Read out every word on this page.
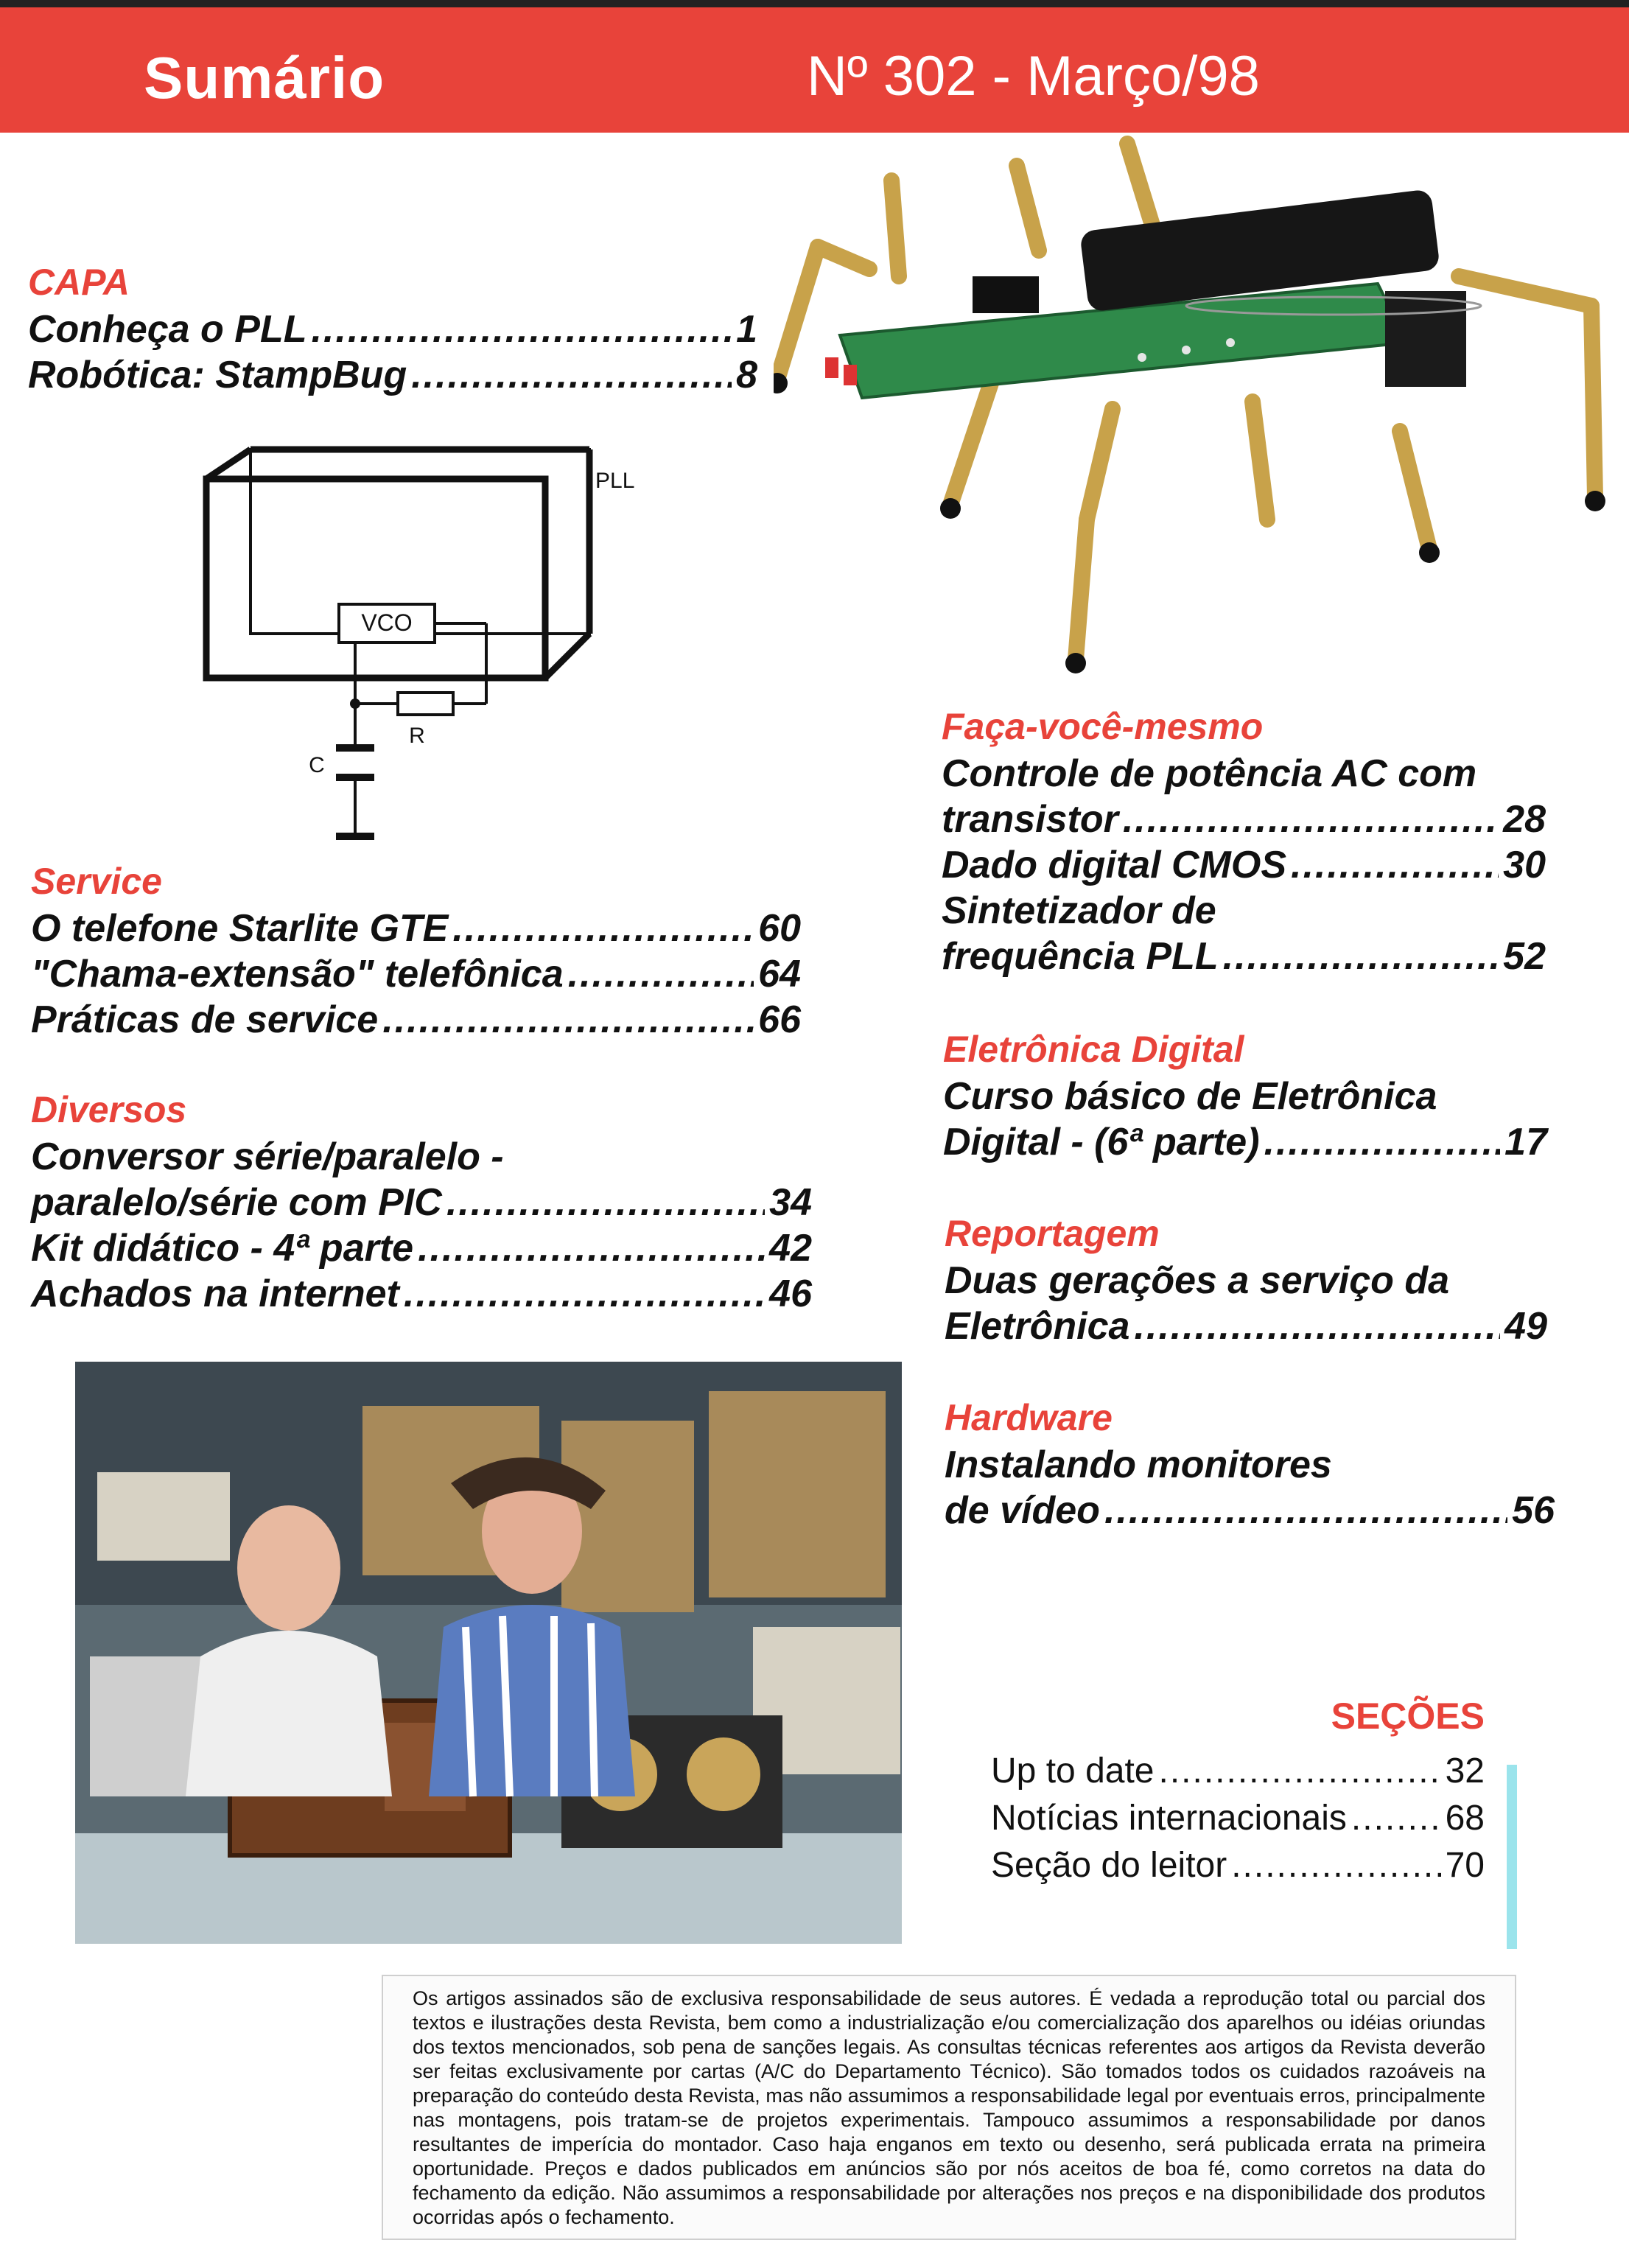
Sumário	Nº 302 - Março/98
CAPA
Conheça o PLL .....	1
Robótica: StampBug .....	8
VCO
PLL
R
C
Service
O telefone Starlite GTE .....	60
"Chama-extensão" telefônica .....	64
Práticas de service .....	66
Diversos
Conversor série/paralelo -
paralelo/série com PIC .....	34
Kit didático - 4ª parte .....	42
Achados na internet .....	46
Faça-você-mesmo
Controle de potência AC com
transistor .....	28
Dado digital CMOS .....	30
Sintetizador de
frequência PLL .....	52
Eletrônica Digital
Curso básico de Eletrônica
Digital - (6ª parte) .....	17
Reportagem
Duas gerações a serviço da
Eletrônica .....	49
Hardware
Instalando monitores
de vídeo .....	56
SEÇÕES
Up to date .....	32
Notícias internacionais .....	68
Seção do leitor .....	70
Os artigos assinados são de exclusiva responsabilidade de seus autores. É vedada a reprodução total ou parcial dos textos e ilustrações desta Revista, bem como a industrialização e/ou comercialização dos aparelhos ou idéias oriundas dos textos mencionados, sob pena de sanções legais. As consultas técnicas referentes aos artigos da Revista deverão ser feitas exclusivamente por cartas (A/C do Departamento Técnico). São tomados todos os cuidados razoáveis na preparação do conteúdo desta Revista, mas não assumimos a responsabilidade legal por eventuais erros, principalmente nas montagens, pois tratam-se de projetos experimentais. Tampouco assumimos a responsabilidade por danos resultantes de imperícia do montador. Caso haja enganos em texto ou desenho, será publicada errata na primeira oportunidade. Preços e dados publicados em anúncios são por nós aceitos de boa fé, como corretos na data do fechamento da edição. Não assumimos a responsabilidade por alterações nos preços e na disponibilidade dos produtos ocorridas após o fechamento.
